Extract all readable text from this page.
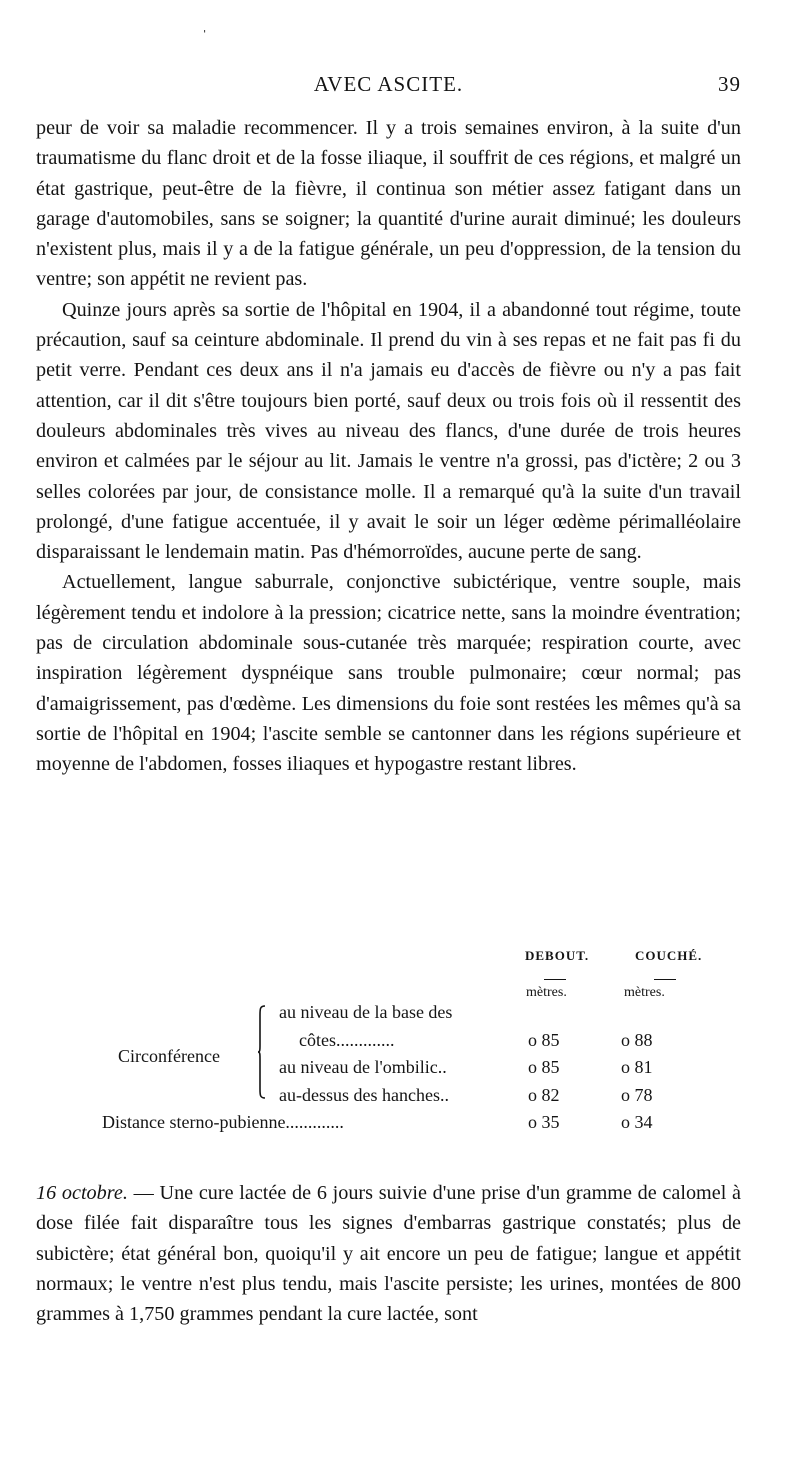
ˈ
AVEC ASCITE.	39

peur de voir sa maladie recommencer. Il y a trois semaines environ, à la suite d'un traumatisme du flanc droit et de la fosse iliaque, il souffrit de ces régions, et malgré un état gastrique, peut-être de la fièvre, il continua son métier assez fatigant dans un garage d'automobiles, sans se soigner; la quantité d'urine aurait diminué; les douleurs n'existent plus, mais il y a de la fatigue générale, un peu d'oppression, de la tension du ventre; son appétit ne revient pas.

Quinze jours après sa sortie de l'hôpital en 1904, il a abandonné tout régime, toute précaution, sauf sa ceinture abdominale. Il prend du vin à ses repas et ne fait pas fi du petit verre. Pendant ces deux ans il n'a jamais eu d'accès de fièvre ou n'y a pas fait attention, car il dit s'être toujours bien porté, sauf deux ou trois fois où il ressentit des douleurs abdominales très vives au niveau des flancs, d'une durée de trois heures environ et calmées par le séjour au lit. Jamais le ventre n'a grossi, pas d'ictère; 2 ou 3 selles colorées par jour, de consistance molle. Il a remarqué qu'à la suite d'un travail prolongé, d'une fatigue accentuée, il y avait le soir un léger œdème périmalléolaire disparaissant le lendemain matin. Pas d'hémorroïdes, aucune perte de sang.

Actuellement, langue saburrale, conjonctive subictérique, ventre souple, mais légèrement tendu et indolore à la pression; cicatrice nette, sans la moindre éventration; pas de circulation abdominale sous-cutanée très marquée; respiration courte, avec inspiration légèrement dyspnéique sans trouble pulmonaire; cœur normal; pas d'amaigrissement, pas d'œdème. Les dimensions du foie sont restées les mêmes qu'à sa sortie de l'hôpital en 1904; l'ascite semble se cantonner dans les régions supérieure et moyenne de l'abdomen, fosses iliaques et hypogastre restant libres.

DEBOUT.	COUCHÉ.
mètres.	mètres.
Circonférence
au niveau de la base des
côtes.............	o 85	o 88
au niveau de l'ombilic..	o 85	o 81
au-dessus des hanches..	o 82	o 78
Distance sterno-pubienne.............	o 35	o 34

16 octobre. — Une cure lactée de 6 jours suivie d'une prise d'un gramme de calomel à dose filée fait disparaître tous les signes d'embarras gastrique constatés; plus de subictère; état général bon, quoiqu'il y ait encore un peu de fatigue; langue et appétit normaux; le ventre n'est plus tendu, mais l'ascite persiste; les urines, montées de 800 grammes à 1,750 grammes pendant la cure lactée, sont
